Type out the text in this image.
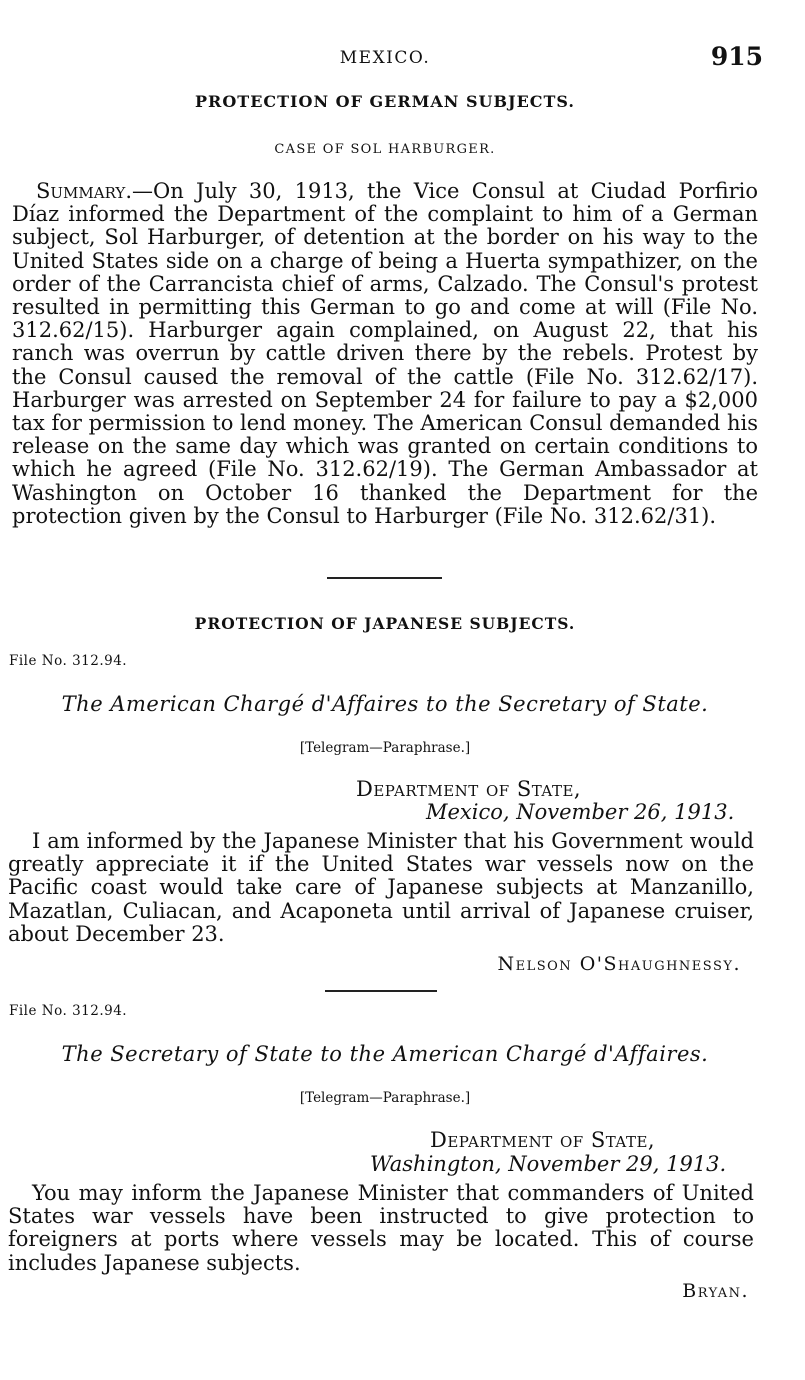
MEXICO.	915
PROTECTION OF GERMAN SUBJECTS.
CASE OF SOL HARBURGER.

Summary.—On July 30, 1913, the Vice Consul at Ciudad Porfirio Díaz informed the Department of the complaint to him of a German subject, Sol Harburger, of detention at the border on his way to the United States side on a charge of being a Huerta sympathizer, on the order of the Carrancista chief of arms, Calzado. The Consul's protest resulted in permitting this German to go and come at will (File No. 312.62/15). Harburger again complained, on August 22, that his ranch was overrun by cattle driven there by the rebels. Protest by the Consul caused the removal of the cattle (File No. 312.62/17). Harburger was arrested on September 24 for failure to pay a $2,000 tax for permission to lend money. The American Consul demanded his release on the same day which was granted on certain conditions to which he agreed (File No. 312.62/19). The German Ambassador at Washington on October 16 thanked the Department for the protection given by the Consul to Harburger (File No. 312.62/31).

PROTECTION OF JAPANESE SUBJECTS.
File No. 312.94.
The American Chargé d'Affaires to the Secretary of State.
[Telegram—Paraphrase.]
Department of State,
Mexico, November 26, 1913.

I am informed by the Japanese Minister that his Government would greatly appreciate it if the United States war vessels now on the Pacific coast would take care of Japanese subjects at Manzanillo, Mazatlan, Culiacan, and Acaponeta until arrival of Japanese cruiser, about December 23.

Nelson O'Shaughnessy.
File No. 312.94.
The Secretary of State to the American Chargé d'Affaires.
[Telegram—Paraphrase.]
Department of State,
Washington, November 29, 1913.

You may inform the Japanese Minister that commanders of United States war vessels have been instructed to give protection to foreigners at ports where vessels may be located. This of course includes Japanese subjects.

Bryan.
